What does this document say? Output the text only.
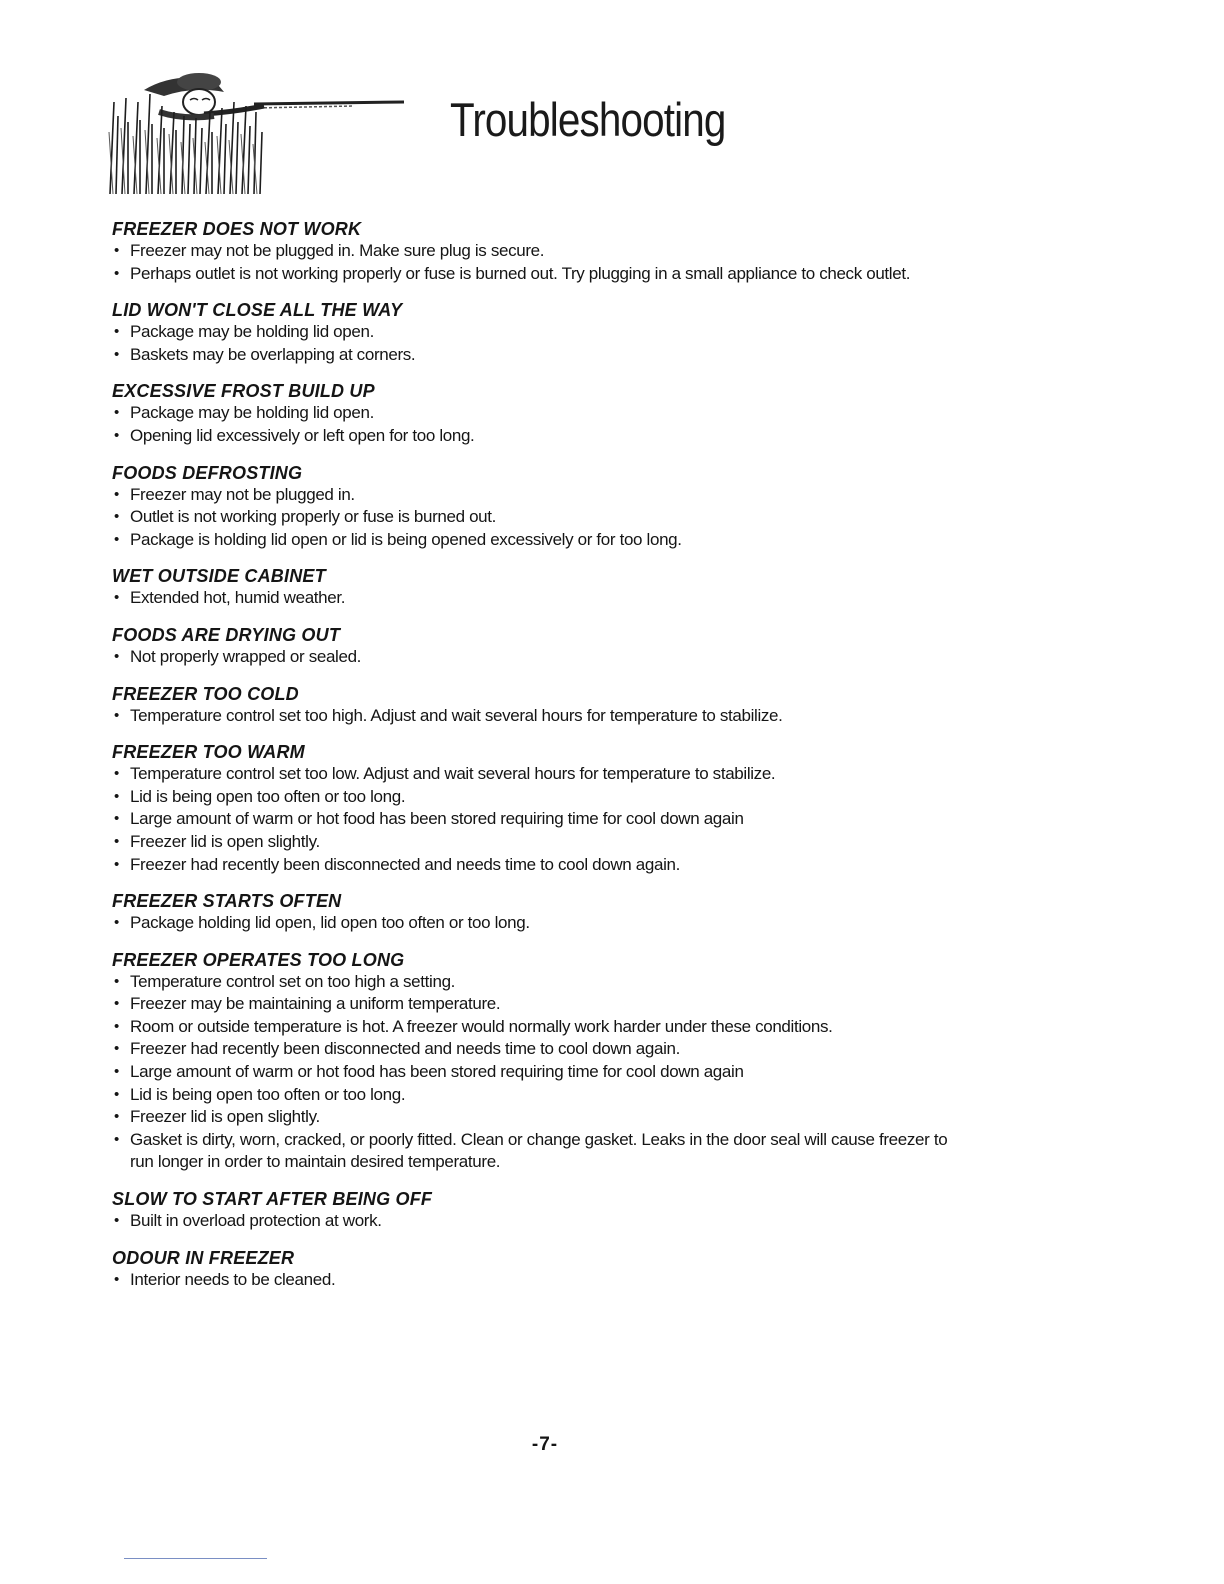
Troubleshooting
FREEZER DOES NOT WORK
• Freezer may not be plugged in. Make sure plug is secure.
• Perhaps outlet is not working properly or fuse is burned out. Try plugging in a small appliance to check outlet.
LID WON'T CLOSE ALL THE WAY
• Package may be holding lid open.
• Baskets may be overlapping at corners.
EXCESSIVE FROST BUILD UP
• Package may be holding lid open.
• Opening lid excessively or left open for too long.
FOODS DEFROSTING
• Freezer may not be plugged in.
• Outlet is not working properly or fuse is burned out.
• Package is holding lid open or lid is being opened excessively or for too long.
WET OUTSIDE CABINET
• Extended hot, humid weather.
FOODS ARE DRYING OUT
• Not properly wrapped or sealed.
FREEZER TOO COLD
• Temperature control set too high. Adjust and wait several hours for temperature to stabilize.
FREEZER TOO WARM
• Temperature control set too low. Adjust and wait several hours for temperature to stabilize.
• Lid is being open too often or too long.
• Large amount of warm or hot food has been stored requiring time for cool down again
• Freezer lid is open slightly.
• Freezer had recently been disconnected and needs time to cool down again.
FREEZER STARTS OFTEN
• Package holding lid open, lid open too often or too long.
FREEZER OPERATES TOO LONG
• Temperature control set on too high a setting.
• Freezer may be maintaining a uniform temperature.
• Room or outside temperature is hot. A freezer would normally work harder under these conditions.
• Freezer had recently been disconnected and needs time to cool down again.
• Large amount of warm or hot food has been stored requiring time for cool down again
• Lid is being open too often or too long.
• Freezer lid is open slightly.
• Gasket is dirty, worn, cracked, or poorly fitted. Clean or change gasket. Leaks in the door seal will cause freezer to run longer in order to maintain desired temperature.
SLOW TO START AFTER BEING OFF
• Built in overload protection at work.
ODOUR IN FREEZER
• Interior needs to be cleaned.
-7-
